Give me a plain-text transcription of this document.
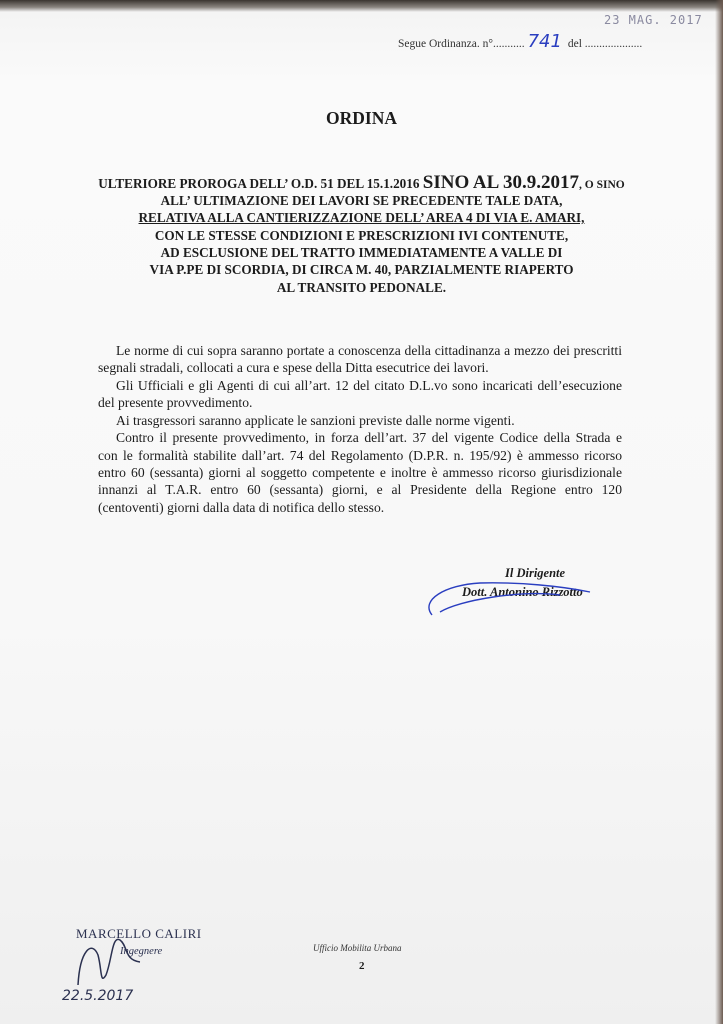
23 MAG. 2017
Segue Ordinanza. n°........... 741 del ....................
ORDINA
ULTERIORE PROROGA DELL’ O.D. 51 DEL 15.1.2016 SINO AL 30.9.2017, O SINO
ALL’ ULTIMAZIONE DEI LAVORI SE PRECEDENTE TALE DATA,
RELATIVA ALLA CANTIERIZZAZIONE DELL’ AREA 4 DI VIA E. AMARI,
CON LE STESSE CONDIZIONI E PRESCRIZIONI IVI CONTENUTE,
AD ESCLUSIONE DEL TRATTO IMMEDIATAMENTE A VALLE DI
VIA P.PE DI SCORDIA, DI CIRCA M. 40, PARZIALMENTE RIAPERTO
AL TRANSITO PEDONALE.
Le norme di cui sopra saranno portate a conoscenza della cittadinanza a mezzo dei prescritti
segnali stradali, collocati a cura e spese della Ditta esecutrice dei lavori.
Gli Ufficiali e gli Agenti di cui all’art. 12 del citato D.L.vo sono incaricati dell’esecuzione
del presente provvedimento.
Ai trasgressori saranno applicate le sanzioni previste dalle norme vigenti.
Contro il presente provvedimento, in forza dell’art. 37 del vigente Codice della Strada e
con le formalità stabilite dall’art. 74 del Regolamento (D.P.R. n. 195/92) è ammesso ricorso
entro 60 (sessanta) giorni al soggetto competente e inoltre è ammesso ricorso giurisdizionale
innanzi al T.A.R. entro 60 (sessanta) giorni, e al Presidente della Regione entro 120
(centoventi) giorni dalla data di notifica dello stesso.
Il Dirigente
Dott. Antonino Rizzotto
MARCELLO CALIRI
Ingegnere	Ufficio Mobilita Urbana
2
22.5.2017
